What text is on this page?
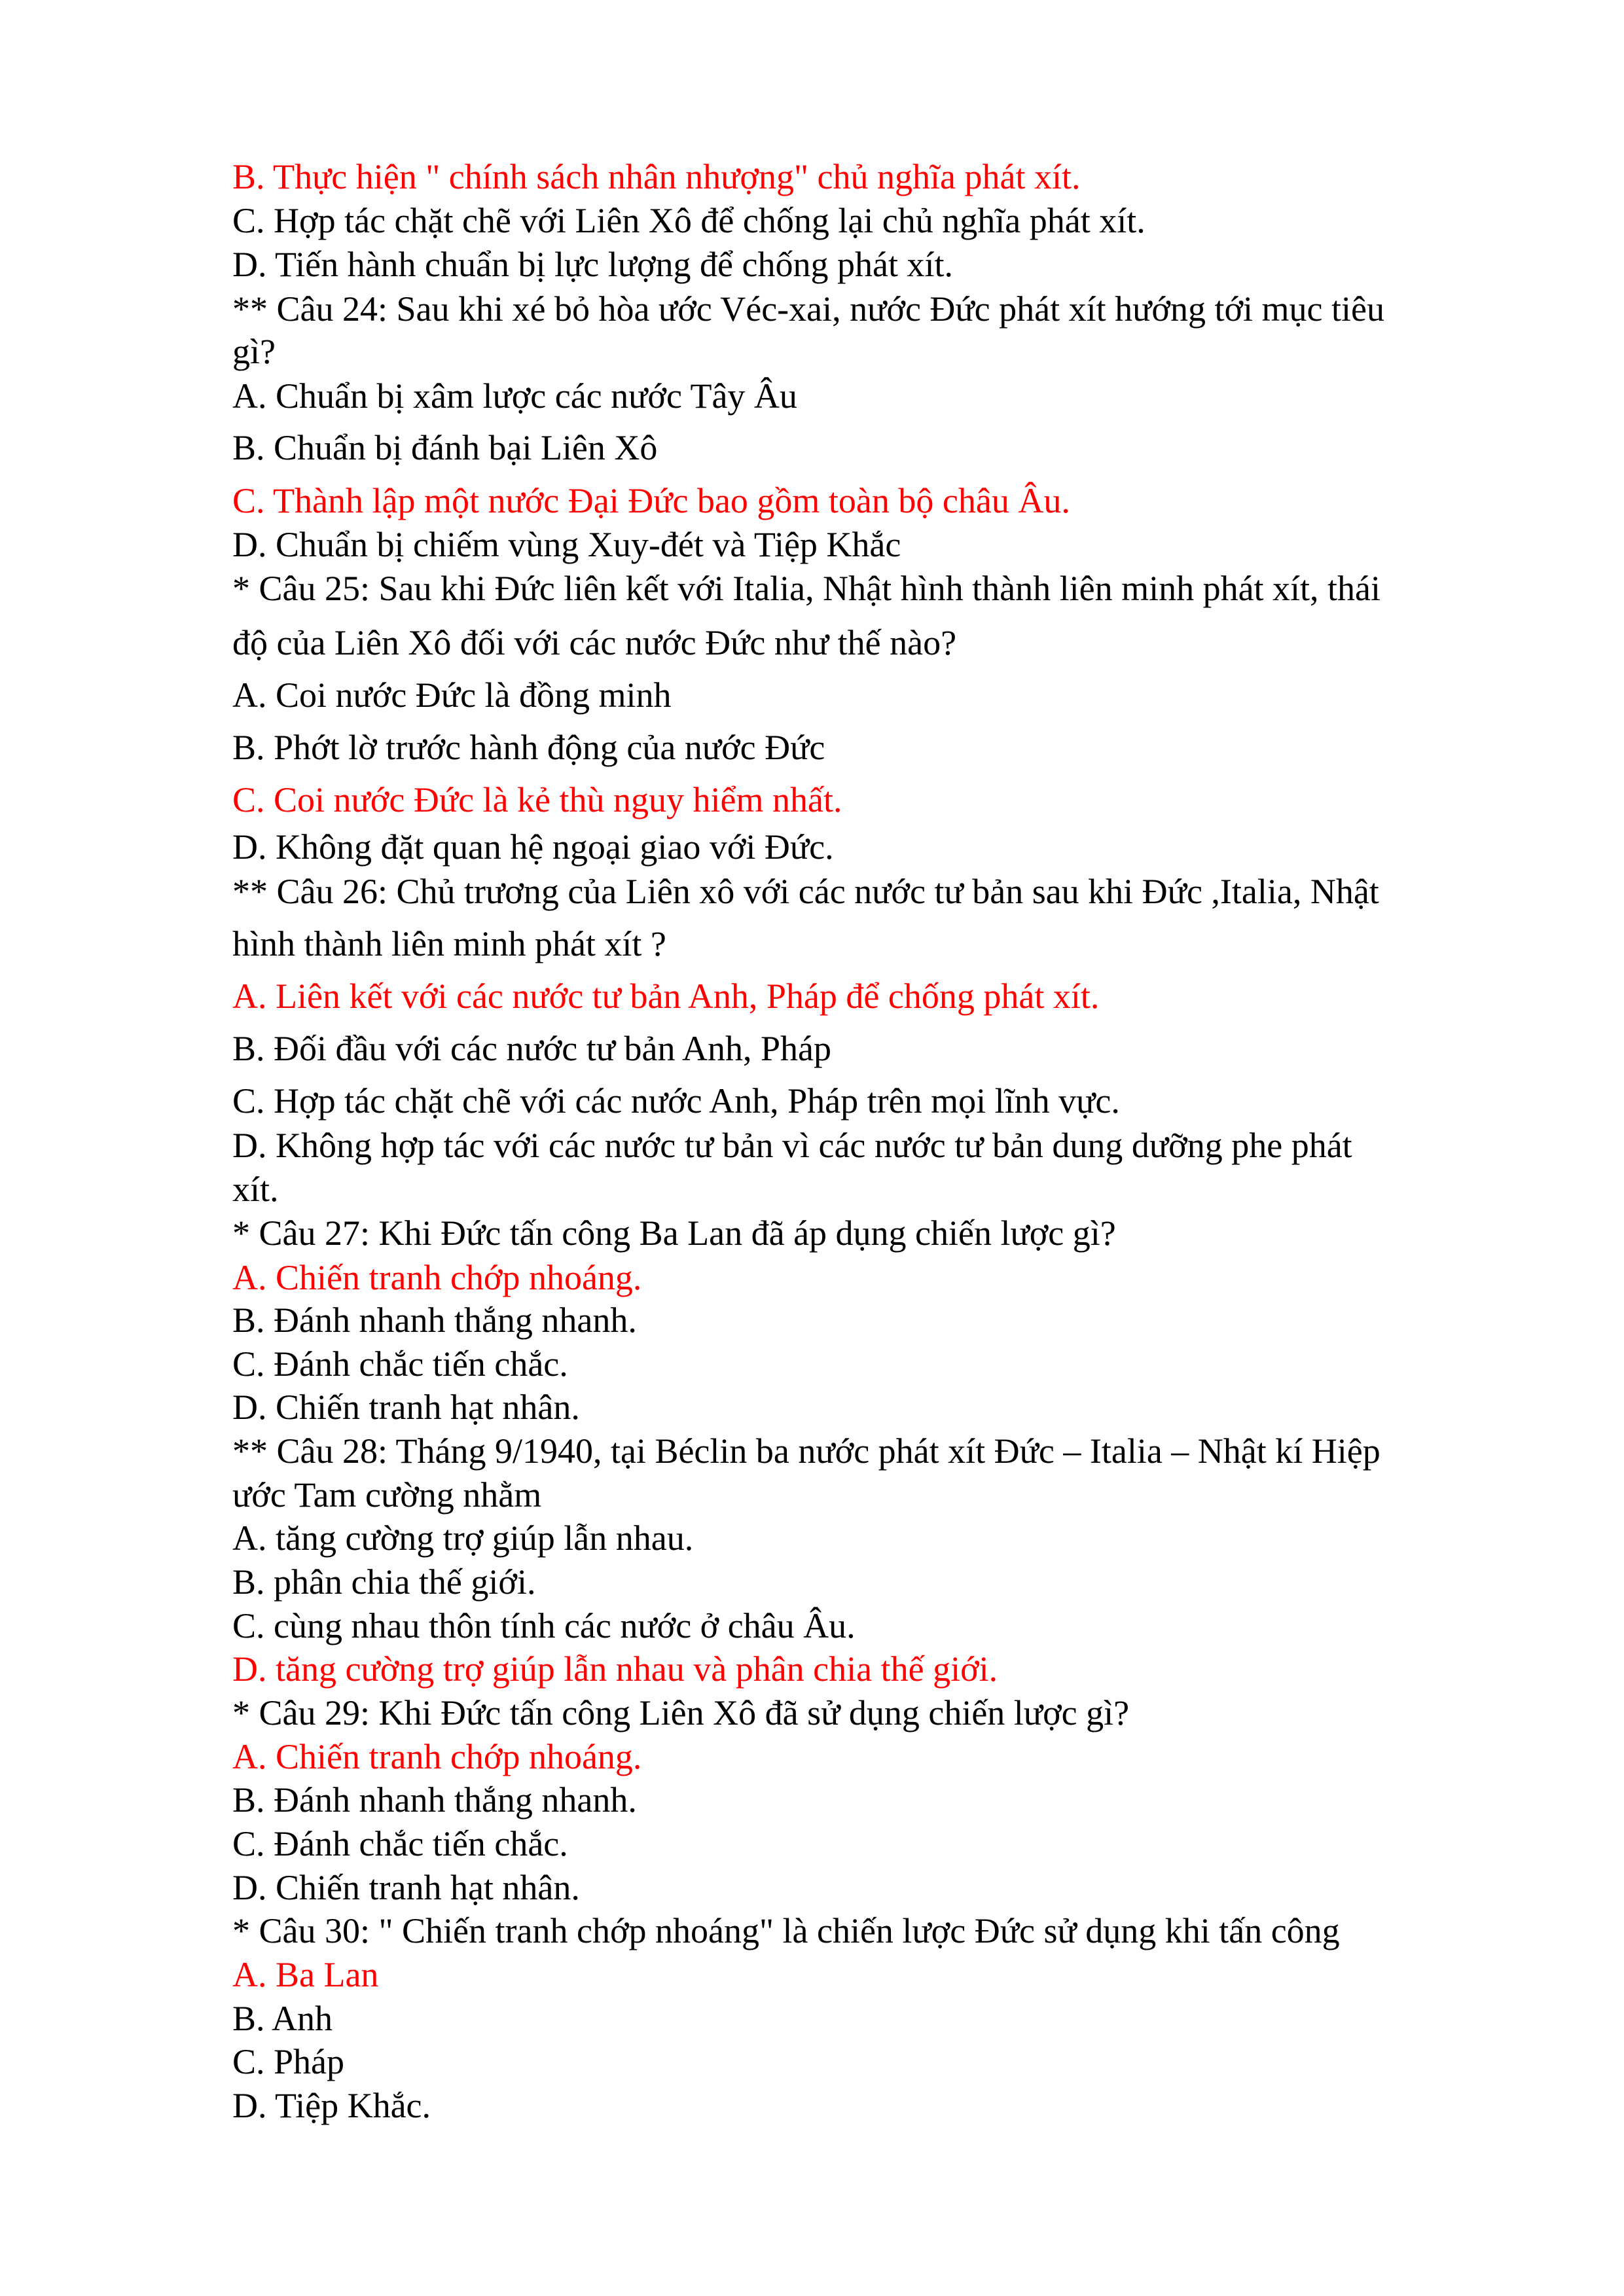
B. Thực hiện " chính sách nhân nhượng" chủ nghĩa phát xít.
C. Hợp tác chặt chẽ với Liên Xô để chống lại chủ nghĩa phát xít.
D. Tiến hành chuẩn bị lực lượng để chống phát xít.
** Câu 24: Sau khi xé bỏ hòa ước Véc-xai, nước Đức phát xít hướng tới mục tiêu
gì?
A. Chuẩn bị xâm lược các nước Tây Âu
B. Chuẩn bị đánh bại Liên Xô
C. Thành lập một nước Đại Đức bao gồm toàn bộ châu Âu.
D. Chuẩn bị chiếm vùng Xuy-đét và Tiệp Khắc
* Câu 25: Sau khi Đức liên kết với Italia, Nhật hình thành liên minh phát xít, thái
độ của Liên Xô đối với các nước Đức như thế nào?
A. Coi nước Đức là đồng minh
B. Phớt lờ trước hành động của nước Đức
C. Coi nước Đức là kẻ thù nguy hiểm nhất.
D. Không đặt quan hệ ngoại giao với Đức.
** Câu 26: Chủ trương của Liên xô với các nước tư bản sau khi Đức ,Italia, Nhật
hình thành liên minh phát xít ?
A. Liên kết với các nước tư bản Anh, Pháp để chống phát xít.
B. Đối đầu với các nước tư bản Anh, Pháp
C. Hợp tác chặt chẽ với các nước Anh, Pháp trên mọi lĩnh vực.
D. Không hợp tác với các nước tư bản vì các nước tư bản dung dưỡng phe phát
xít.
* Câu 27: Khi Đức tấn công Ba Lan đã áp dụng chiến lược gì?
A. Chiến tranh chớp nhoáng.
B. Đánh nhanh thắng nhanh.
C. Đánh chắc tiến chắc.
D. Chiến tranh hạt nhân.
** Câu 28: Tháng 9/1940, tại Béclin ba nước phát xít Đức – Italia – Nhật kí Hiệp
ước Tam cường nhằm
A. tăng cường trợ giúp lẫn nhau.
B. phân chia thế giới.
C. cùng nhau thôn tính các nước ở châu Âu.
D. tăng cường trợ giúp lẫn nhau và phân chia thế giới.
* Câu 29: Khi Đức tấn công Liên Xô đã sử dụng chiến lược gì?
A. Chiến tranh chớp nhoáng.
B. Đánh nhanh thắng nhanh.
C. Đánh chắc tiến chắc.
D. Chiến tranh hạt nhân.
* Câu 30: " Chiến tranh chớp nhoáng" là chiến lược Đức sử dụng khi tấn công
A. Ba Lan
B. Anh
C. Pháp
D. Tiệp Khắc.
